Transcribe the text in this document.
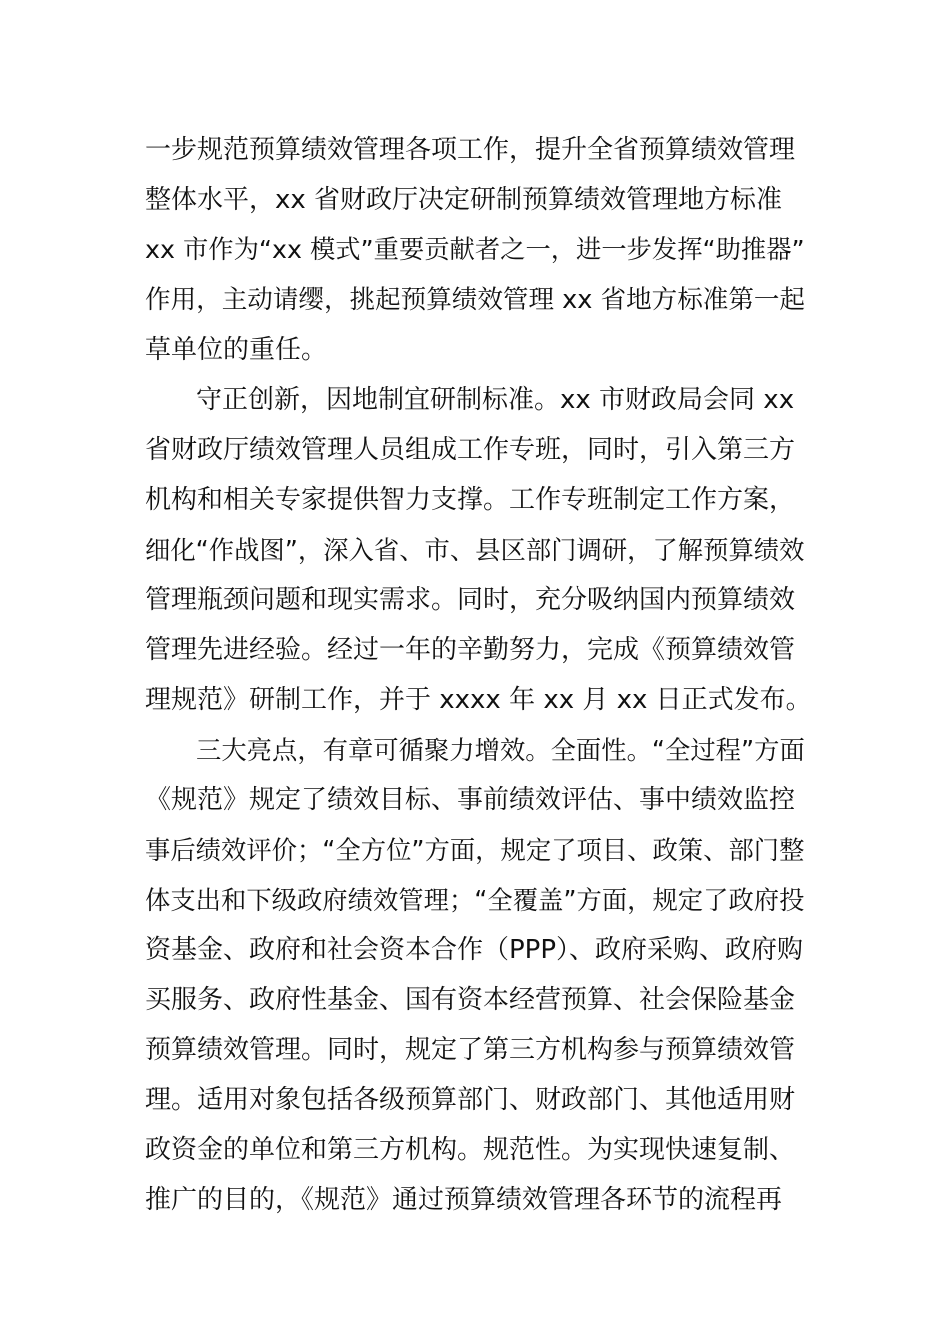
一步规范预算绩效管理各项工作，提升全省预算绩效管理
整体水平，xx 省财政厅决定研制预算绩效管理地方标准
xx 市作为“xx 模式”重要贡献者之一，进一步发挥“助推器”
作用，主动请缨，挑起预算绩效管理 xx 省地方标准第一起
草单位的重任。
守正创新，因地制宜研制标准。xx 市财政局会同 xx
省财政厅绩效管理人员组成工作专班，同时，引入第三方
机构和相关专家提供智力支撑。工作专班制定工作方案，
细化“作战图”，深入省、市、县区部门调研，了解预算绩效
管理瓶颈问题和现实需求。同时，充分吸纳国内预算绩效
管理先进经验。经过一年的辛勤努力，完成《预算绩效管
理规范》研制工作，并于 xxxx 年 xx 月 xx 日正式发布。
三大亮点，有章可循聚力增效。全面性。“全过程”方面
《规范》规定了绩效目标、事前绩效评估、事中绩效监控
事后绩效评价；“全方位”方面，规定了项目、政策、部门整
体支出和下级政府绩效管理；“全覆盖”方面，规定了政府投
资基金、政府和社会资本合作（PPP）、政府采购、政府购
买服务、政府性基金、国有资本经营预算、社会保险基金
预算绩效管理。同时，规定了第三方机构参与预算绩效管
理。适用对象包括各级预算部门、财政部门、其他适用财
政资金的单位和第三方机构。规范性。为实现快速复制、
推广的目的，《规范》通过预算绩效管理各环节的流程再
